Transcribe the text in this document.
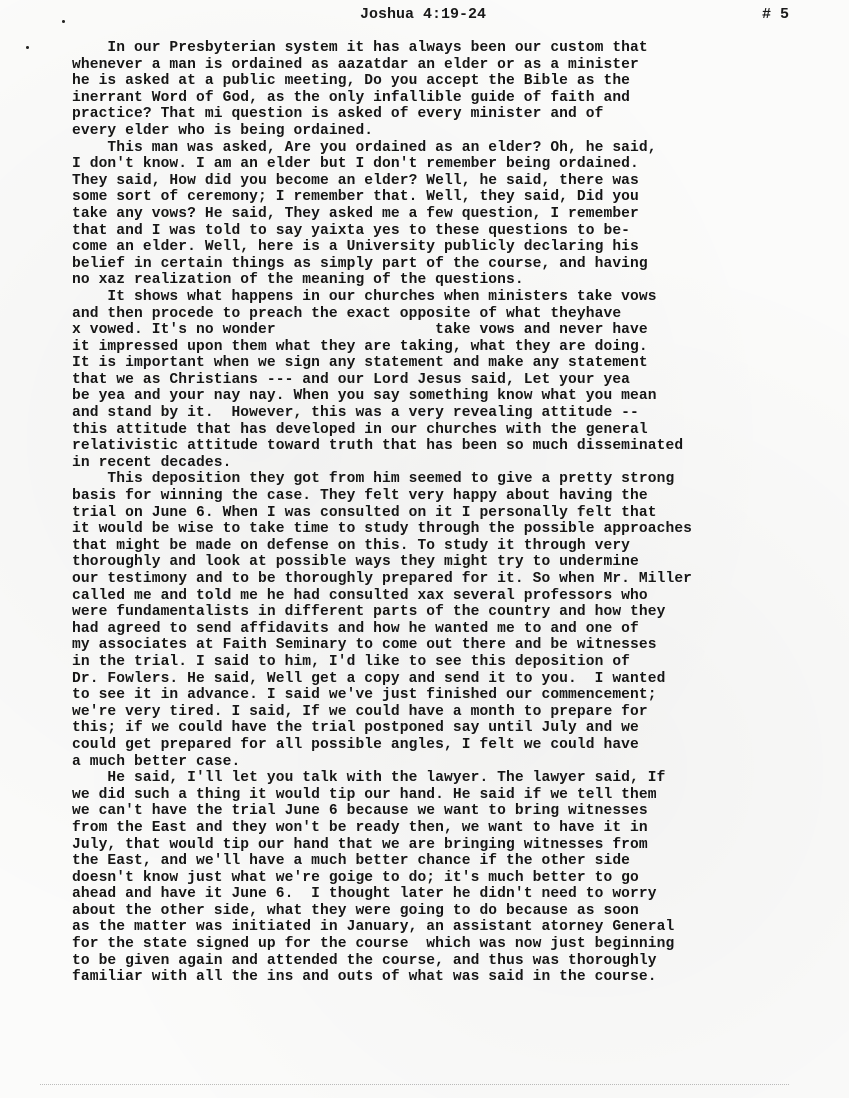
Joshua 4:19-24	# 5
In our Presbyterian system it has always been our custom that
whenever a man is ordained as aazatdar an elder or as a minister
he is asked at a public meeting, Do you accept the Bible as the
inerrant Word of God, as the only infallible guide of faith and
practice? That mi question is asked of every minister and of
every elder who is being ordained.
This man was asked, Are you ordained as an elder? Oh, he said,
I don't know. I am an elder but I don't remember being ordained.
They said, How did you become an elder? Well, he said, there was
some sort of ceremony; I remember that. Well, they said, Did you
take any vows? He said, They asked me a few question, I remember
that and I was told to say yaixta yes to these questions to be-
come an elder. Well, here is a University publicly declaring his
belief in certain things as simply part of the course, and having
no xaz realization of the meaning of the questions.
It shows what happens in our churches when ministers take vows
and then procede to preach the exact opposite of what theyhave
x vowed. It's no wonder                  take vows and never have
it impressed upon them what they are taking, what they are doing.
It is important when we sign any statement and make any statement
that we as Christians --- and our Lord Jesus said, Let your yea
be yea and your nay nay. When you say something know what you mean
and stand by it.  However, this was a very revealing attitude --
this attitude that has developed in our churches with the general
relativistic attitude toward truth that has been so much disseminated
in recent decades.
This deposition they got from him seemed to give a pretty strong
basis for winning the case. They felt very happy about having the
trial on June 6. When I was consulted on it I personally felt that
it would be wise to take time to study through the possible approaches
that might be made on defense on this. To study it through very
thoroughly and look at possible ways they might try to undermine
our testimony and to be thoroughly prepared for it. So when Mr. Miller
called me and told me he had consulted xax several professors who
were fundamentalists in different parts of the country and how they
had agreed to send affidavits and how he wanted me to and one of
my associates at Faith Seminary to come out there and be witnesses
in the trial. I said to him, I'd like to see this deposition of
Dr. Fowlers. He said, Well get a copy and send it to you.  I wanted
to see it in advance. I said we've just finished our commencement;
we're very tired. I said, If we could have a month to prepare for
this; if we could have the trial postponed say until July and we
could get prepared for all possible angles, I felt we could have
a much better case.
He said, I'll let you talk with the lawyer. The lawyer said, If
we did such a thing it would tip our hand. He said if we tell them
we can't have the trial June 6 because we want to bring witnesses
from the East and they won't be ready then, we want to have it in
July, that would tip our hand that we are bringing witnesses from
the East, and we'll have a much better chance if the other side
doesn't know just what we're goige to do; it's much better to go
ahead and have it June 6.  I thought later he didn't need to worry
about the other side, what they were going to do because as soon
as the matter was initiated in January, an assistant atorney General
for the state signed up for the course  which was now just beginning
to be given again and attended the course, and thus was thoroughly
familiar with all the ins and outs of what was said in the course.
